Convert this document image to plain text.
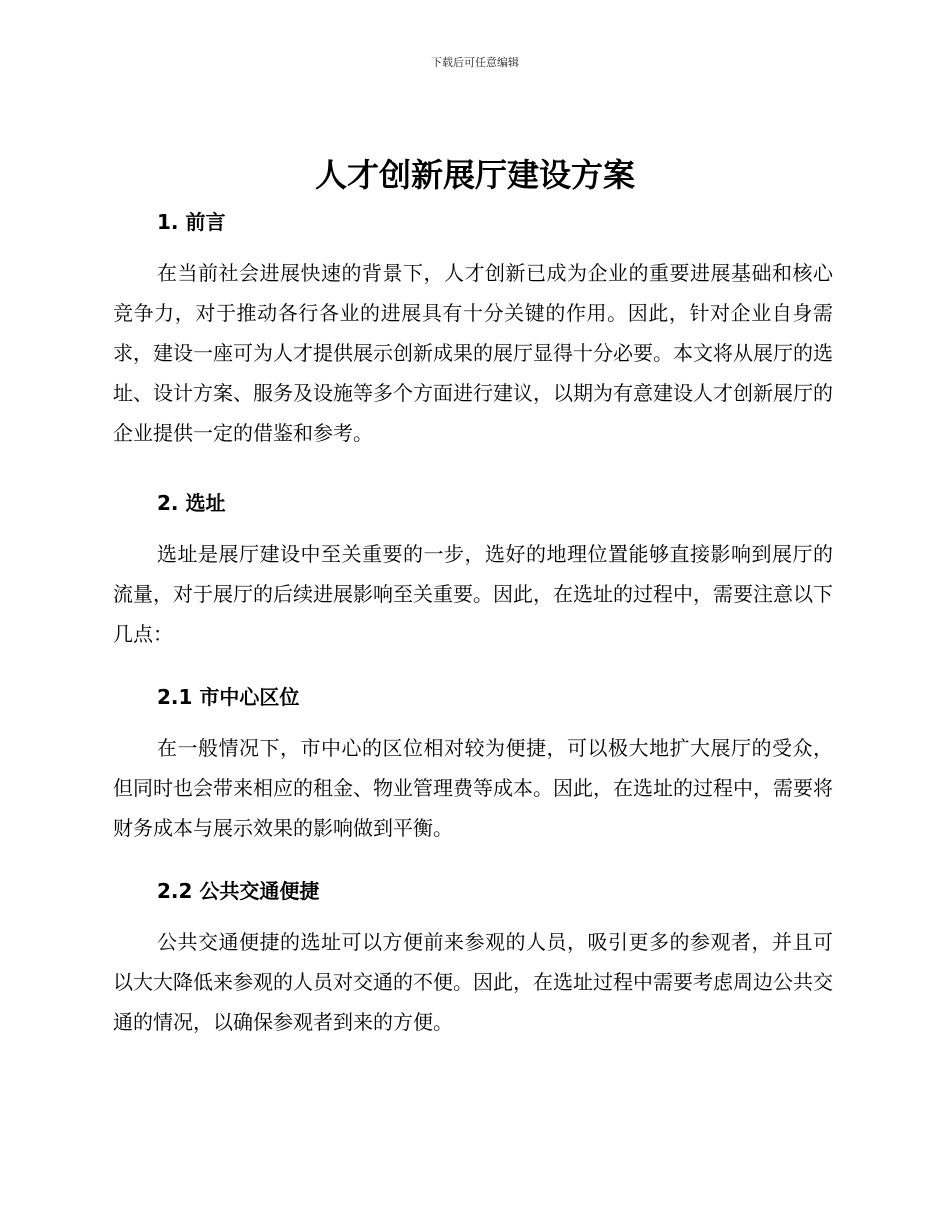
下载后可任意编辑
人才创新展厅建设方案
1. 前言
在当前社会进展快速的背景下，人才创新已成为企业的重要进展基础和核心竞争力，对于推动各行各业的进展具有十分关键的作用。因此，针对企业自身需求，建设一座可为人才提供展示创新成果的展厅显得十分必要。本文将从展厅的选址、设计方案、服务及设施等多个方面进行建议，以期为有意建设人才创新展厅的企业提供一定的借鉴和参考。
2. 选址
选址是展厅建设中至关重要的一步，选好的地理位置能够直接影响到展厅的流量，对于展厅的后续进展影响至关重要。因此，在选址的过程中，需要注意以下几点：
2.1 市中心区位
在一般情况下，市中心的区位相对较为便捷，可以极大地扩大展厅的受众，但同时也会带来相应的租金、物业管理费等成本。因此，在选址的过程中，需要将财务成本与展示效果的影响做到平衡。
2.2 公共交通便捷
公共交通便捷的选址可以方便前来参观的人员，吸引更多的参观者，并且可以大大降低来参观的人员对交通的不便。因此，在选址过程中需要考虑周边公共交通的情况，以确保参观者到来的方便。
